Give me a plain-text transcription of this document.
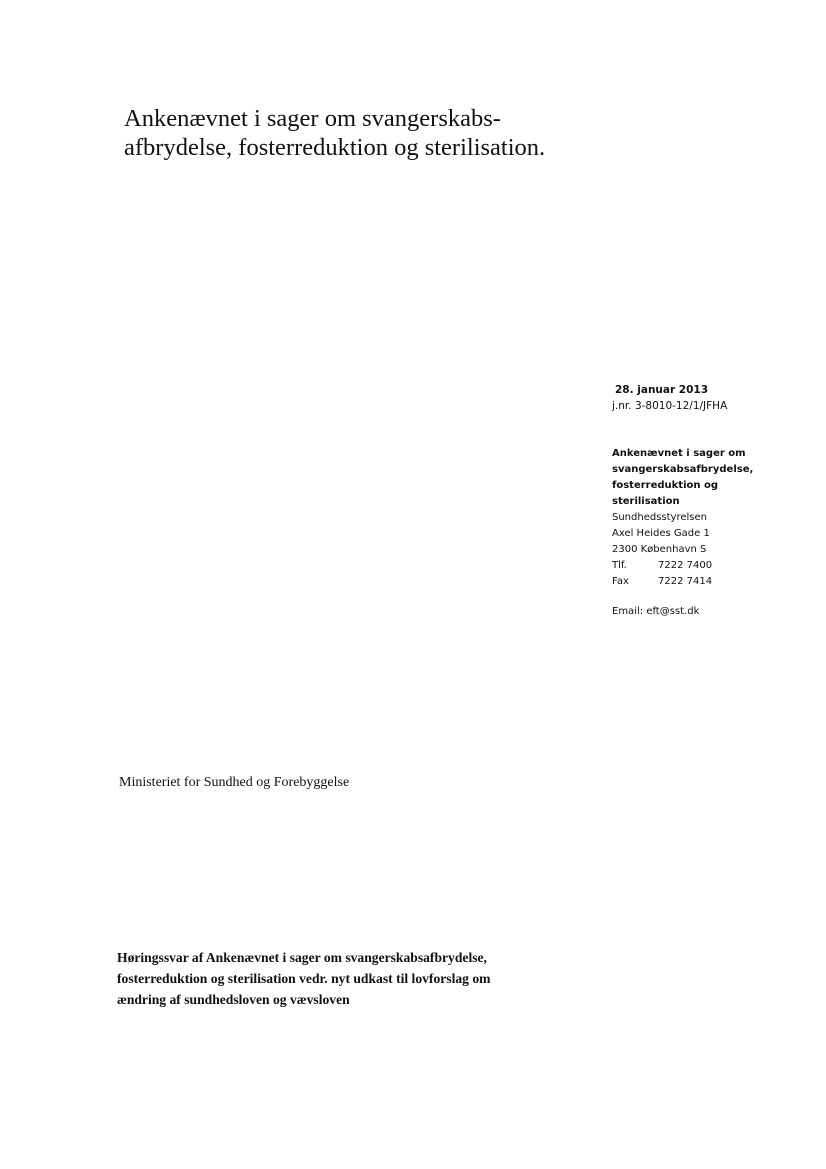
Ankenævnet i sager om svangerskabs-
afbrydelse, fosterreduktion og sterilisation.
28. januar 2013
j.nr. 3-8010-12/1/JFHA
Ankenævnet i sager om
svangerskabsafbrydelse,
fosterreduktion og
sterilisation
Sundhedsstyrelsen
Axel Heides Gade 1
2300 København S
Tlf.	7222 7400
Fax	7222 7414
Email: eft@sst.dk
Ministeriet for Sundhed og Forebyggelse
Høringssvar af Ankenævnet i sager om svangerskabsafbrydelse,
fosterreduktion og sterilisation vedr. nyt udkast til lovforslag om
ændring af sundhedsloven og vævsloven
